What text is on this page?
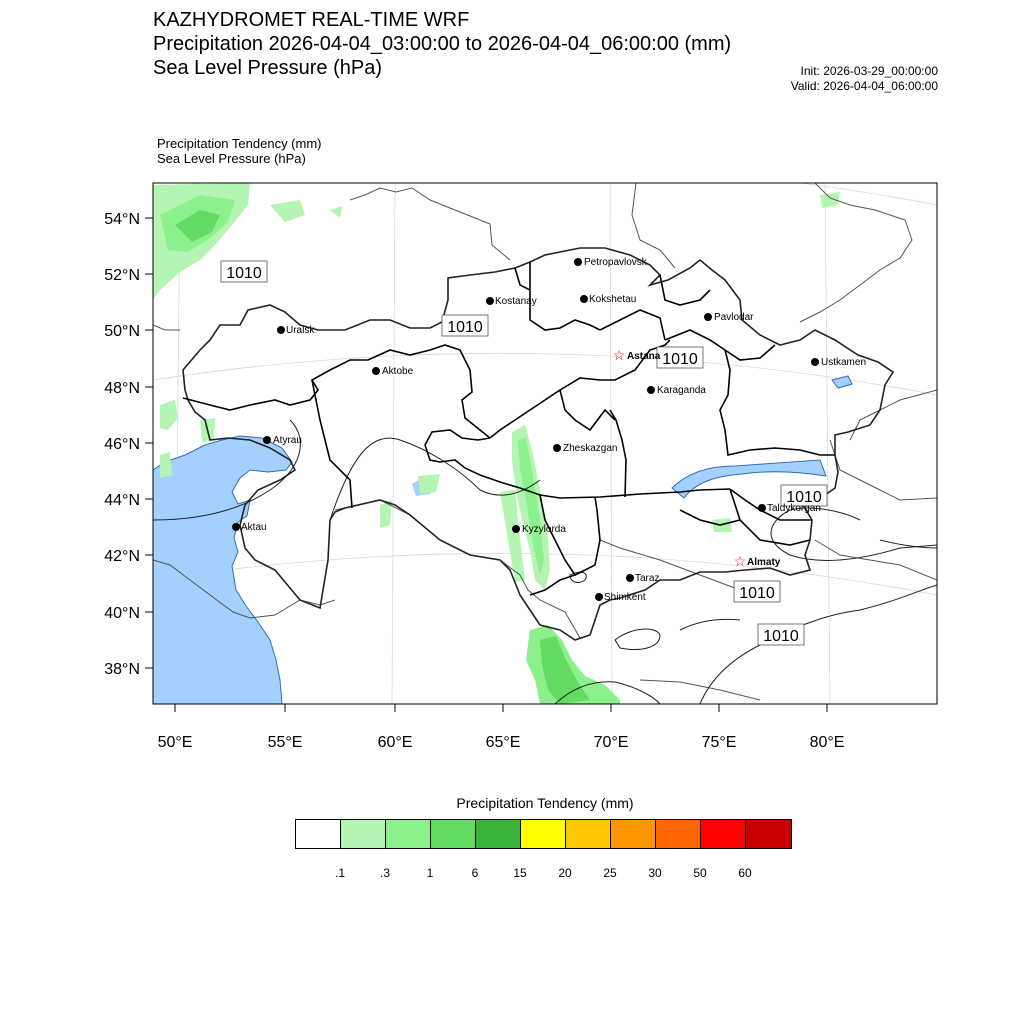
KAZHYDROMET REAL-TIME WRF
Precipitation 2026-04-04_03:00:00 to 2026-04-04_06:00:00 (mm)
Sea Level Pressure (hPa)	Init: 2026-03-29_00:00:00
Valid: 2026-04-04_06:00:00
Precipitation Tendency (mm)
Sea Level Pressure (hPa)
54°N
52°N
50°N
48°N
46°N
44°N
42°N
40°N
38°N
50°E	55°E	60°E	65°E	70°E	75°E	80°E
1010
1010
1010
1010
1010
1010
Petropavlovsk
Kostanay	Kokshetau
Pavlodar
Uralsk
☆ Astana
Ustkamen
Aktobe
Karaganda
Atyrau
Zheskazgan
Taldykorgan
Aktau	Kyzylorda
☆ Almaty
Taraz
Shimkent
Precipitation Tendency (mm)
.1	.3	1	6	15	20	25	30	50	60
